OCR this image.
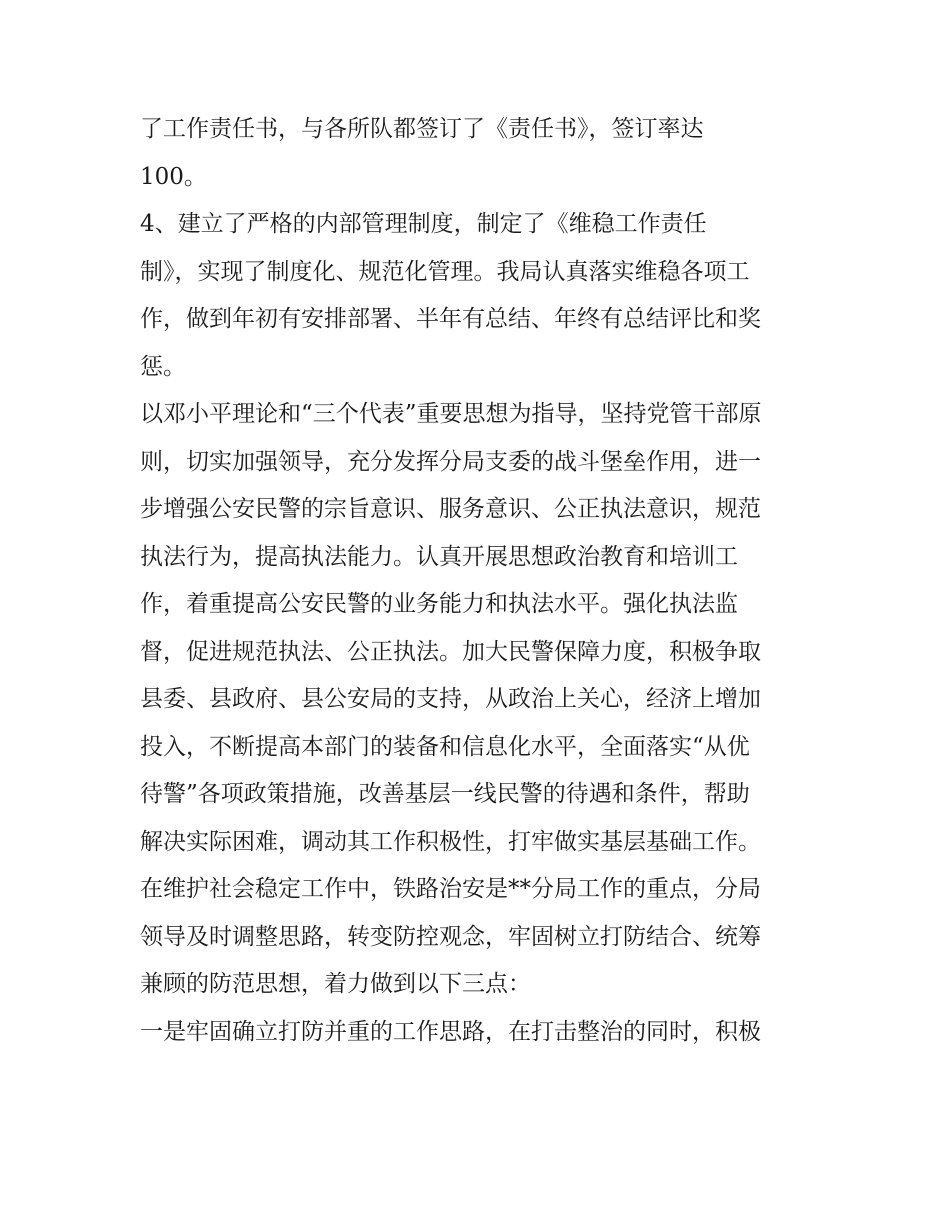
了工作责任书，与各所队都签订了《责任书》，签订率达
100。
4、建立了严格的内部管理制度，制定了《维稳工作责任
制》，实现了制度化、规范化管理。我局认真落实维稳各项工
作，做到年初有安排部署、半年有总结、年终有总结评比和奖
惩。
以邓小平理论和“三个代表”重要思想为指导，坚持党管干部原
则，切实加强领导，充分发挥分局支委的战斗堡垒作用，进一
步增强公安民警的宗旨意识、服务意识、公正执法意识，规范
执法行为，提高执法能力。认真开展思想政治教育和培训工
作，着重提高公安民警的业务能力和执法水平。强化执法监
督，促进规范执法、公正执法。加大民警保障力度，积极争取
县委、县政府、县公安局的支持，从政治上关心，经济上增加
投入，不断提高本部门的装备和信息化水平，全面落实“从优
待警”各项政策措施，改善基层一线民警的待遇和条件，帮助
解决实际困难，调动其工作积极性，打牢做实基层基础工作。
在维护社会稳定工作中，铁路治安是**分局工作的重点，分局
领导及时调整思路，转变防控观念，牢固树立打防结合、统筹
兼顾的防范思想，着力做到以下三点：
一是牢固确立打防并重的工作思路，在打击整治的同时，积极
